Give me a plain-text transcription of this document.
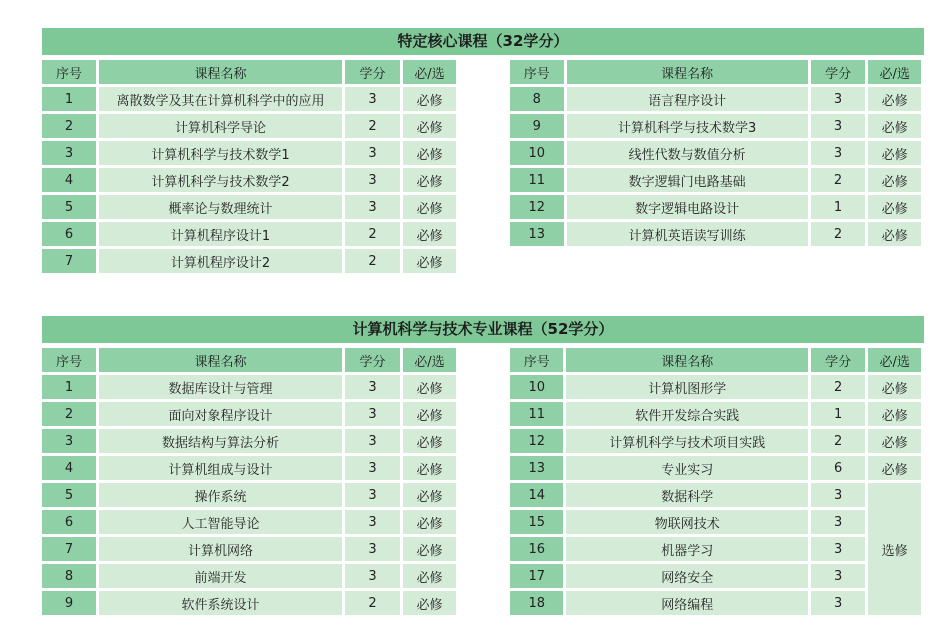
特定核心课程（32学分）
序号	课程名称	学分	必/选
1	离散数学及其在计算机科学中的应用	3	必修
2	计算机科学导论	2	必修
3	计算机科学与技术数学1	3	必修
4	计算机科学与技术数学2	3	必修
5	概率论与数理统计	3	必修
6	计算机程序设计1	2	必修
7	计算机程序设计2	2	必修
序号	课程名称	学分	必/选
8	语言程序设计	3	必修
9	计算机科学与技术数学3	3	必修
10	线性代数与数值分析	3	必修
11	数字逻辑门电路基础	2	必修
12	数字逻辑电路设计	1	必修
13	计算机英语读写训练	2	必修
计算机科学与技术专业课程（52学分）
序号	课程名称	学分	必/选
1	数据库设计与管理	3	必修
2	面向对象程序设计	3	必修
3	数据结构与算法分析	3	必修
4	计算机组成与设计	3	必修
5	操作系统	3	必修
6	人工智能导论	3	必修
7	计算机网络	3	必修
8	前端开发	3	必修
9	软件系统设计	2	必修
序号	课程名称	学分	必/选
10	计算机图形学	2	必修
11	软件开发综合实践	1	必修
12	计算机科学与技术项目实践	2	必修
13	专业实习	6	必修
14	数据科学	3	选修
15	物联网技术	3	
16	机器学习	3	
17	网络安全	3	
18	网络编程	3	
